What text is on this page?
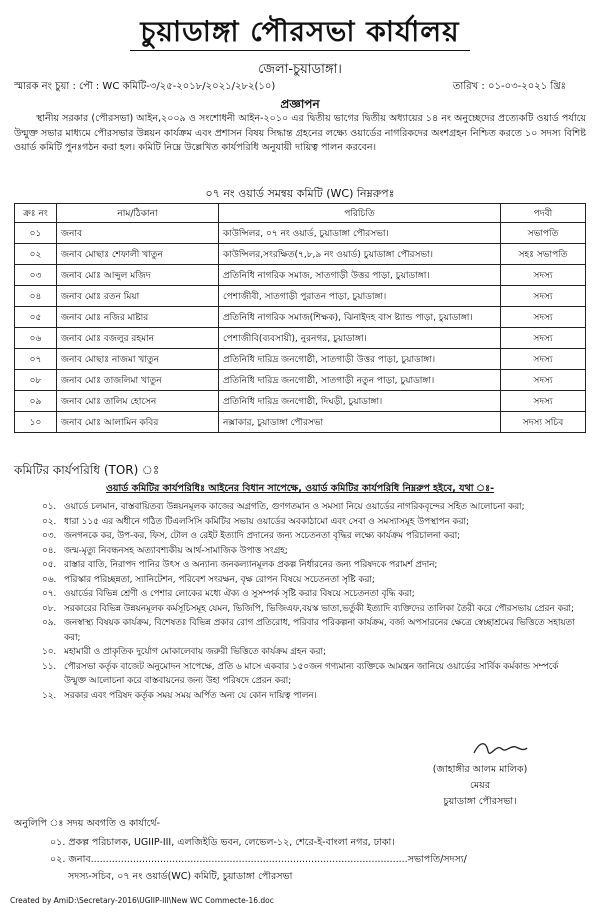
চুয়াডাঙ্গা পৌরসভা কার্যালয়
জেলা-চুয়াডাঙ্গা।
স্মারক নং চুয়া : পৌ : WC কমিটি-৩/২৫-২০১৮/২০২১/২৮২(১০)	তারিখ : ০১-০৩-২০২১ খ্রিঃ
প্রজ্ঞাপন
স্থানীয় সরকার (পৌরসভা) আইন,২০০৯ ও সংশোধনী আইন-২০১০ এর দ্বিতীয় ভাগের দ্বিতীয় অধ্যায়ের ১৪ নং অনুচ্ছেদের প্রত্যেকটি ওয়ার্ড পর্যায়ে উন্মুক্ত সভার মাধ্যমে পৌরসভার উন্নয়ন কার্যক্রম এবং প্রশাসন বিষয় সিদ্ধান্ত গ্রহনের লক্ষ্যে ওয়ার্ডের নাগরিকদের অংশগ্রহন নিশ্চিত করতে ১০ সদস্য বিশিষ্ট ওয়ার্ড কমিটি পুনঃগঠন করা হল। কমিটি নিম্নে উল্লেখিত কার্যপরিধি অনুযায়ী দায়িত্ব পালন করবেন।
০৭ নং ওয়ার্ড সমন্বয় কমিটি (WC) নিম্নরুপঃ
ক্রঃ নং	নাম/ঠিকানা	পরিচিতি	পদবী
০১	জনাব	কাউন্সিলর, ০৭ নং ওয়ার্ড, চুয়াডাঙ্গা পৌরসভা।	সভাপতি
০২	জনাব মোছাঃ শেফালী খাতুন	কাউন্সিলর,সংরক্ষিত(৭,৮,৯ নং ওয়ার্ড) চুয়াডাঙ্গা পৌরসভা।	সহঃ সভাপতি
০৩	জনাব মোঃ আব্দুল মজিদ	প্রতিনিধি নাগরিক সমাজ, সাতগাড়ী উত্তর পাড়া, চুয়াডাঙ্গা।	সদস্য
০৪	জনাব মোঃ রতন মিয়া	পেশাজীবী, সাতগাড়ী পুরাতন পাড়া, চুয়াডাঙ্গা।	সদস্য
০৫	জনাব মোঃ নজির মাষ্টার	প্রতিনিধি নাগরিক সমাজ(শিক্ষক), ঝিনাইদহ বাস ষ্ট্যান্ড পাড়া, চুয়াডাঙ্গা।	সদস্য
০৬	জনাব মোঃ বজলুর রহমান	পেশাজীবি(ব্যবসায়ী), নুরনগর, চুয়াডাঙ্গা।	সদস্য
০৭	জনাব মোছাঃ নাজমা খাতুন	প্রতিনিধি দারিদ্র জনগোষ্ঠী, সাতগাড়ী উত্তর পাড়া, চুয়াডাঙ্গা।	সদস্য
০৮	জনাব মোঃ তাজলিমা খাতুন	প্রতিনিধি দারিদ্র জনগোষ্ঠী, সাতগাড়ী নতুন পাড়া, চুয়াডাঙ্গা।	সদস্য
০৯	জনাব মোঃ তালিম হোসেন	প্রতিনিধি দারিদ্র জনগোষ্ঠী, দিঘড়ী, চুয়াডাঙ্গা।	সদস্য
১০	জনাব মোঃ আলামিন কবির	নক্সাকার, চুয়াডাঙ্গা পৌরসভা	সদস্য সচিব
কমিটির কার্যপরিধি (TOR) ঃ
ওয়ার্ড কমিটির কার্যপরিধিঃ আইনের বিধান সাপেক্ষে, ওয়ার্ড কমিটির কার্যপরিধি নিম্নরুপ হইবে, যথা ঃ-
০১. ওয়ার্ডে চলমান, বাস্তবায়িতব্য উন্নয়নমূলক কাজের অগ্রগতি, গুণগতমান ও সমস্যা নিয়ে ওয়ার্ডের নাগরিকবৃন্দের সহিত আলোচনা করা;
০২. ধারা ১১৫ এর অধীনে গঠিত টিএলসিসি কমিটির সভায় ওয়ার্ডের অবকাঠামো এবং সেবা ও সমস্যাসমূহ উপস্থাপন করা;
০৩. জনগনকে কর, উপ-কর, ফিস, টোল ও রেইট ইত্যাদি প্রদানের জন্য সচেতনতা বৃদ্ধির লক্ষ্যে কার্যক্রম পরিচালনা করা;
০৪. জন্ম-মৃত্যু নিবন্ধনসহ অত্যাবশ্যকীয় আর্থ-সামাজিক উপাত্ত সংগ্রহ;
০৫. রাস্তার বাতি, নিরাপদ পানির উৎস ও অন্যান্য জনকল্যানমূলক প্রকল্প নির্ধারনের জন্য পরিষদকে পরামর্শ প্রদান;
০৬. পরিস্কার পরিচ্ছন্নতা, স্যানিটেশন, পরিবেশ সংরক্ষন, বৃক্ষ রোপন বিষয়ে সচেতনতা সৃষ্টি করা;
০৭. ওয়ার্ডের বিভিন্ন শ্রেণী ও পেশার লোকের মধ্যে ঐক্য ও সুসম্পর্ক সৃষ্টি করার বিষয়ে সচেতনতা বৃদ্ধি করা;
০৮. সরকারের বিভিন্ন উন্নয়নমূলক কর্মসূচিসমূহ যেমন, ভিজিপি, ভিজিএফ,বয়স্ক ভাতা,ভর্তুকী ইত্যাদি ব্যক্তিদের তালিকা তৈরী করে পৌরসভায় প্রেরন করা;
০৯. জনস্বাস্থ্য বিষয়ক কার্যক্রম, বিশেষতঃ বিভিন্ন প্রকার রোগ প্রতিরোধ, পরিবার পরিকল্পনা কার্যক্রম, বর্জ্য অপসারনের ক্ষেত্রে স্বেচ্ছাশ্রমের ভিত্তিতে সহায়তা করা;
১০. মহামারী ও প্রাকৃতিক দুর্যোগ মোকালেবায় জরুরী ভিত্তিতে কার্যক্রম গ্রহন করা;
১১. পৌরসভা কর্তৃক বাজেট অনুমোদন সাপেক্ষে, প্রতি ৬ মাসে একবার ১৫০জন গণ্যমান্য ব্যক্তিকে আমন্ত্রন জানিয়ে ওয়ার্ডের সার্বিক কর্মকান্ড সম্পর্কে উন্মুক্ত আলোচনা করে বাস্তবায়নের জন্য উহা পরিষদে প্রেরন করা;
১২. সরকার এবং পরিষদ কর্তৃক সময় সময় অর্পিত অন্য যে কোন দায়িত্ব পালন।
(জাহাঙ্গীর আলম মালিক)
মেয়র
চুয়াডাঙ্গা পৌরসভা।
অনুলিপি ঃ সদয় অবগতি ও কার্যার্থে-
০১. প্রকল্প পরিচালক, UGIIP-III, এলজিইডি ভবন, লেভেল-১২, শেরে-ই-বাংলা নগর, ঢাকা।
০২. জনাব.........................................................................................................সভাপতি/সদস্য/
সদস্য-সচিব, ০৭ নং ওয়ার্ড(WC) কমিটি, চুয়াডাঙ্গা পৌরসভা
Created by AmiD:\Secretary-2016\UGIIP-III\New WC Commecte-16.doc
